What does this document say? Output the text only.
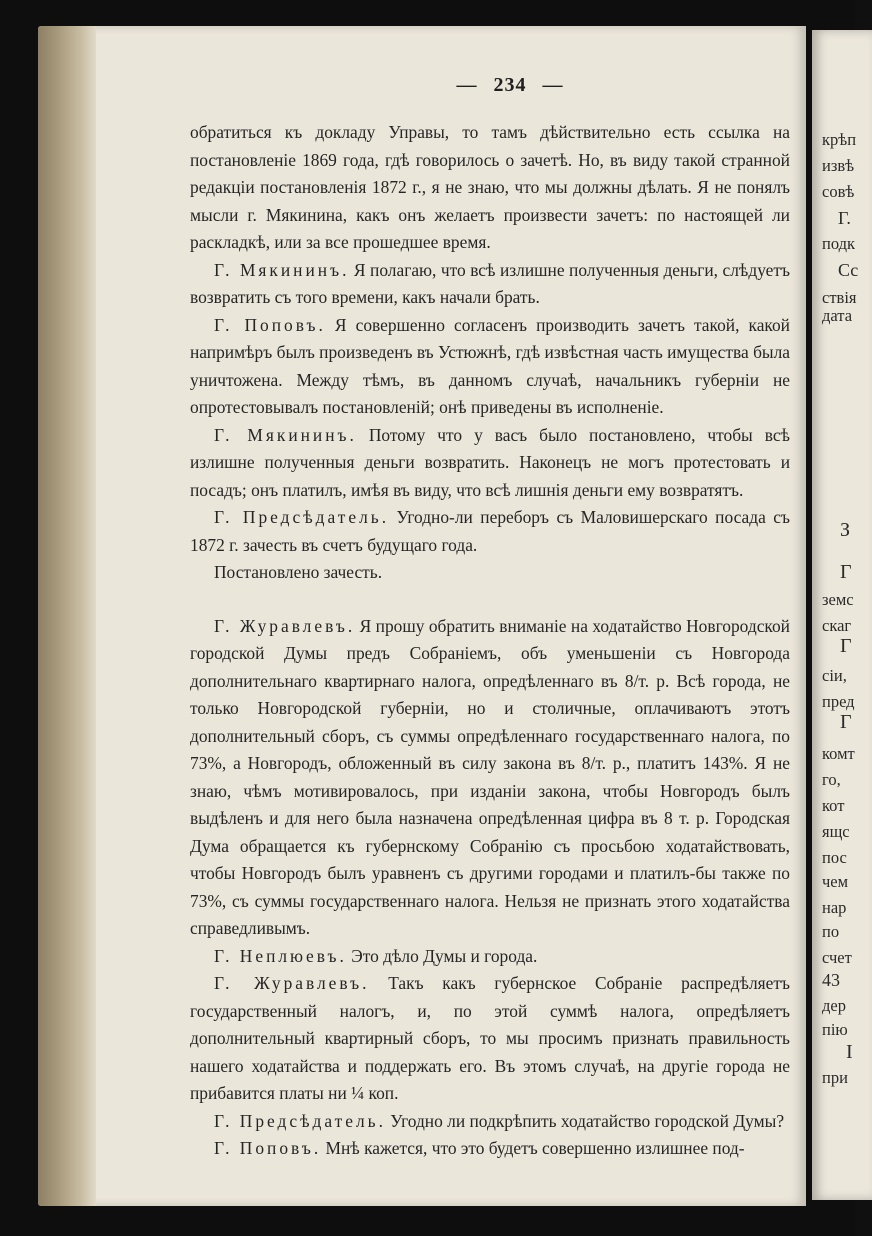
— 234 —

обратиться къ докладу Управы, то тамъ дѣйствительно есть ссылка на постановленіе 1869 года, гдѣ говорилось о зачетѣ. Но, въ виду такой странной редакціи постановленія 1872 г., я не знаю, что мы должны дѣлать. Я не понялъ мысли г. Мякинина, какъ онъ желаетъ произвести зачетъ: по настоящей ли раскладкѣ, или за все прошедшее время.

Г. Мякининъ. Я полагаю, что всѣ излишне полученныя деньги, слѣдуетъ возвратить съ того времени, какъ начали брать.

Г. Поповъ. Я совершенно согласенъ производить зачетъ такой, какой напримѣръ былъ произведенъ въ Устюжнѣ, гдѣ извѣстная часть имущества была уничтожена. Между тѣмъ, въ данномъ случаѣ, начальникъ губерніи не опротестовывалъ постановленій; онѣ приведены въ исполненіе.

Г. Мякининъ. Потому что у васъ было постановлено, чтобы всѣ излишне полученныя деньги возвратить. Наконецъ не могъ протестовать и посадъ; онъ платилъ, имѣя въ виду, что всѣ лишнія деньги ему возвратятъ.

Г. Предсѣдатель. Угодно-ли переборъ съ Маловишерскаго посада съ 1872 г. зачесть въ счетъ будущаго года.

Постановлено зачесть.

Г. Журавлевъ. Я прошу обратить вниманіе на ходатайство Новгородской городской Думы предъ Собраніемъ, объ уменьшеніи съ Новгорода дополнительнаго квартирнаго налога, опредѣленнаго въ 8/т. р. Всѣ города, не только Новгородской губерніи, но и столичные, оплачиваютъ этотъ дополнительный сборъ, съ суммы опредѣленнаго государственнаго налога, по 73%, а Новгородъ, обложенный въ силу закона въ 8/т. р., платитъ 143%. Я не знаю, чѣмъ мотивировалось, при изданіи закона, чтобы Новгородъ былъ выдѣленъ и для него была назначена опредѣленная цифра въ 8 т. р. Городская Дума обращается къ губернскому Собранію съ просьбою ходатайствовать, чтобы Новгородъ былъ уравненъ съ другими городами и платилъ-бы также по 73%, съ суммы государственнаго налога. Нельзя не признать этого ходатайства справедливымъ.

Г. Неплюевъ. Это дѣло Думы и города.

Г. Журавлевъ. Такъ какъ губернское Собраніе распредѣляетъ государственный налогъ, и, по этой суммѣ налога, опредѣляетъ дополнительный квартирный сборъ, то мы просимъ признать правильность нашего ходатайства и поддержать его. Въ этомъ случаѣ, на другіе города не прибавится платы ни ¼ коп.

Г. Предсѣдатель. Угодно ли подкрѣпить ходатайство городской Думы?

Г. Поповъ. Мнѣ кажется, что это будетъ совершенно излишнее под-

крѣп
извѣ
совѣ
Г.
подк
Сс
ствія
дата
З
Г
земс
скаг
Г
сіи,
пред
Г
комт
го,
кот
ящс
пос
чем
нар
по
счет
43
дер
пію
I
при
